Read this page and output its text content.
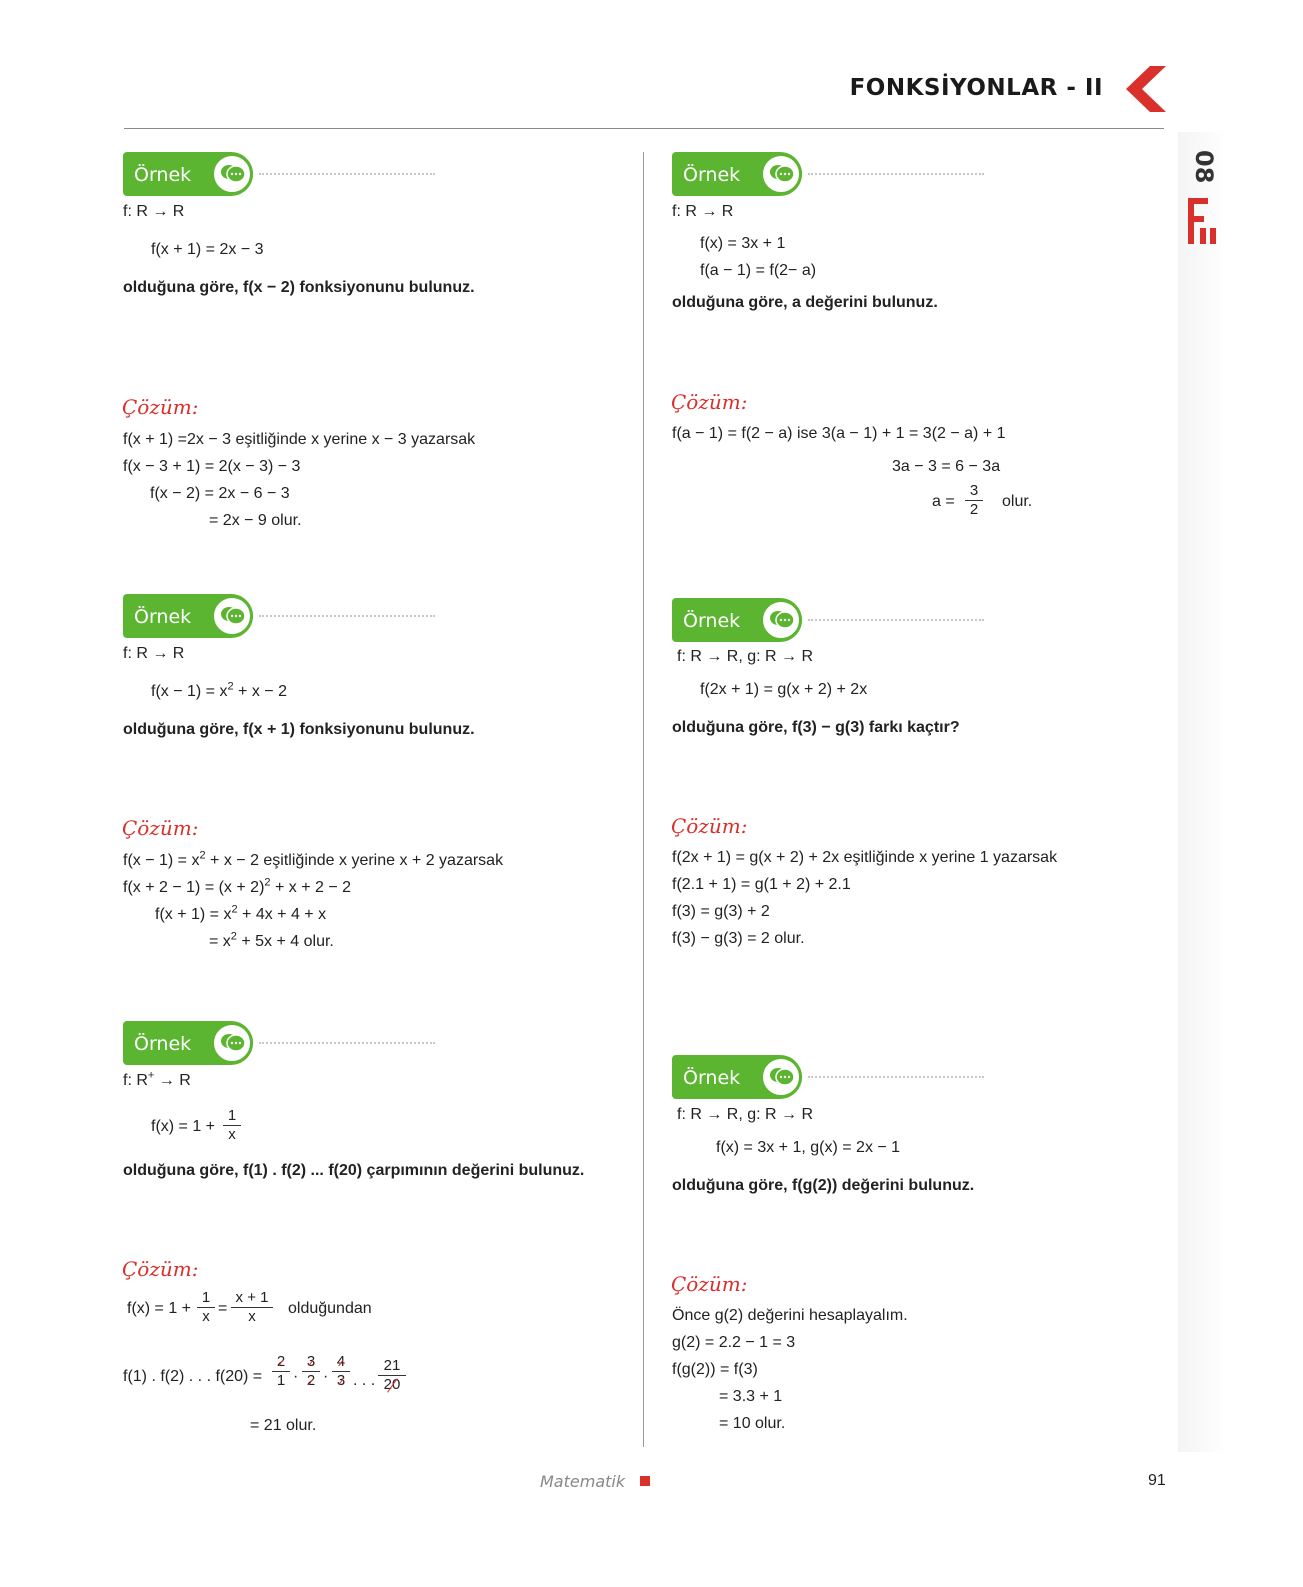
FONKSİYONLAR - II
08
Örnek
f: R → R
f(x + 1) = 2x − 3
olduğuna göre, f(x − 2) fonksiyonunu bulunuz.
Çözüm:
f(x + 1) =2x − 3 eşitliğinde x yerine x − 3 yazarsak
f(x − 3 + 1) = 2(x − 3) − 3
f(x − 2) = 2x − 6 − 3
= 2x − 9 olur.
Örnek
f: R → R
$f(x - 1) = x^2 + x - 2$
olduğuna göre, f(x + 1) fonksiyonunu bulunuz.
Çözüm:
$f(x - 1) = x^2 + x - 2$ eşitliğinde x yerine x + 2 yazarsak
$f(x + 2 - 1) = (x + 2)^2 + x + 2 - 2$
$f(x + 1) = x^2 + 4x + 4 + x$
= $x^2 + 5x + 4$ olur.
Örnek
f: R+ → R
$f(x) = 1 + \frac{1}{x}$
olduğuna göre, f(1) . f(2) ... f(20) çarpımının değerini bulunuz.
Çözüm:
$f(x) = 1 + \frac{1}{x} = \frac{x + 1}{x}$ olduğundan
f(1) . f(2) . . . $f(20) = \frac{2}{1} \cdot \frac{3}{2} \cdot \frac{4}{3}$ . . . $\frac{21}{20}$
= 21 olur.
Örnek
f: R → R
f(x) = 3x + 1
f(a − 1) = f(2− a)
olduğuna göre, a değerini bulunuz.
Çözüm:
f(a − 1) = f(2 − a) ise 3(a − 1) + 1 = 3(2 − a) + 1
3a − 3 = 6 − 3a
$a = \frac{3}{2}$ olur.
Örnek
f: R → R, g: R → R
f(2x + 1) = g(x + 2) + 2x
olduğuna göre, f(3) − g(3) farkı kaçtır?
Çözüm:
f(2x + 1) = g(x + 2) + 2x eşitliğinde x yerine 1 yazarsak
f(2.1 + 1) = g(1 + 2) + 2.1
f(3) = g(3) + 2
f(3) − g(3) = 2 olur.
Örnek
f: R → R, g: R → R
f(x) = 3x + 1, g(x) = 2x − 1
olduğuna göre, f(g(2)) değerini bulunuz.
Çözüm:
Önce g(2) değerini hesaplayalım.
g(2) = 2.2 − 1 = 3
f(g(2)) = f(3)
= 3.3 + 1
= 10 olur.
Matematik	91
